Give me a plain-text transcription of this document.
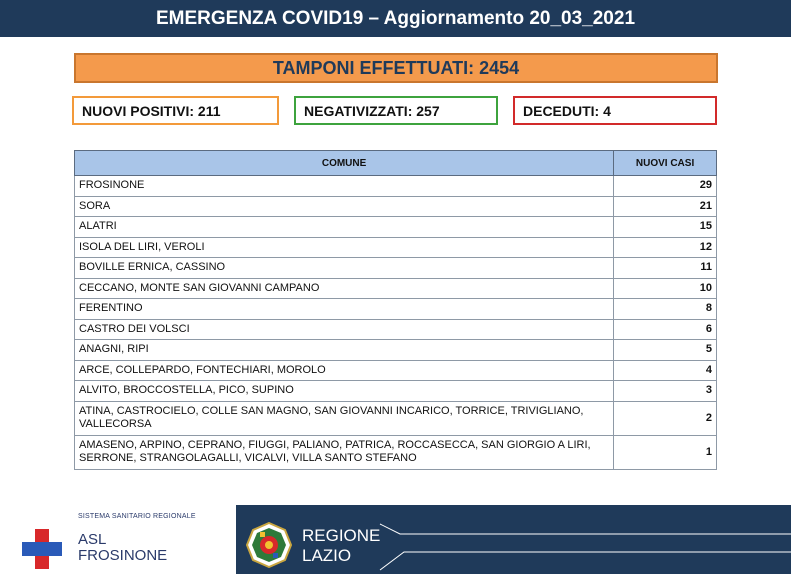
EMERGENZA COVID19 – Aggiornamento 20_03_2021
TAMPONI EFFETTUATI: 2454
NUOVI POSITIVI: 211	NEGATIVIZZATI: 257	DECEDUTI: 4
COMUNE	NUOVI CASI
FROSINONE	29
SORA	21
ALATRI	15
ISOLA DEL LIRI, VEROLI	12
BOVILLE ERNICA, CASSINO	11
CECCANO, MONTE SAN GIOVANNI CAMPANO	10
FERENTINO	8
CASTRO DEI VOLSCI	6
ANAGNI, RIPI	5
ARCE, COLLEPARDO, FONTECHIARI, MOROLO	4
ALVITO, BROCCOSTELLA, PICO, SUPINO	3
ATINA, CASTROCIELO, COLLE SAN MAGNO, SAN GIOVANNI INCARICO, TORRICE, TRIVIGLIANO, VALLECORSA	2
AMASENO, ARPINO, CEPRANO, FIUGGI, PALIANO, PATRICA, ROCCASECCA, SAN GIORGIO A LIRI, SERRONE, STRANGOLAGALLI, VICALVI, VILLA SANTO STEFANO	1
SISTEMA SANITARIO REGIONALE
ASL
FROSINONE
REGIONE
LAZIO
